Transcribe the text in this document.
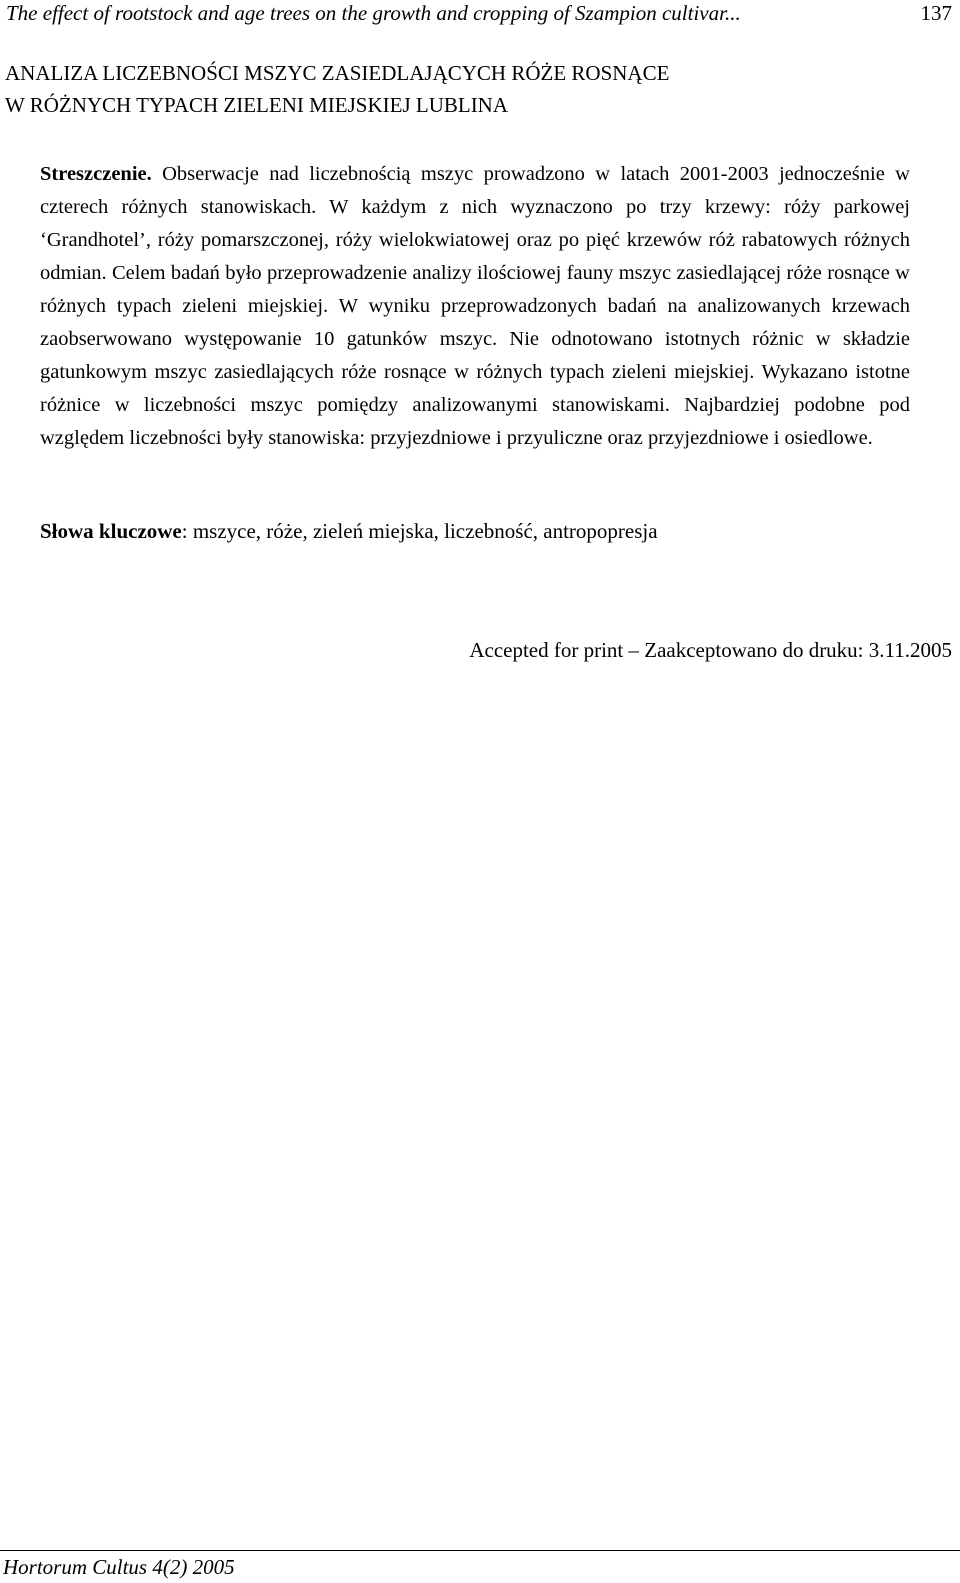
The effect of rootstock and age trees on the growth and cropping of Szampion cultivar...	137
ANALIZA LICZEBNOŚCI MSZYC ZASIEDLAJĄCYCH RÓŻE ROSNĄCE
W RÓŻNYCH TYPACH ZIELENI MIEJSKIEJ LUBLINA

Streszczenie. Obserwacje nad liczebnością mszyc prowadzono w latach 2001-2003 jednocześnie w czterech różnych stanowiskach. W każdym z nich wyznaczono po trzy krzewy: róży parkowej ‘Grandhotel’, róży pomarszczonej, róży wielokwiatowej oraz po pięć krzewów róż rabatowych różnych odmian. Celem badań było przeprowadzenie analizy ilościowej fauny mszyc zasiedlającej róże rosnące w różnych typach zieleni miejskiej. W wyniku przeprowadzonych badań na analizowanych krzewach zaobserwowano występowanie 10 gatunków mszyc. Nie odnotowano istotnych różnic w składzie gatunkowym mszyc zasiedlających róże rosnące w różnych typach zieleni miejskiej. Wykazano istotne różnice w liczebności mszyc pomiędzy analizowanymi stanowiskami. Najbardziej podobne pod względem liczebności były stanowiska: przyjezdniowe i przyuliczne oraz przyjezdniowe i osiedlowe.

Słowa kluczowe: mszyce, róże, zieleń miejska, liczebność, antropopresja

Accepted for print – Zaakceptowano do druku: 3.11.2005
Hortorum Cultus 4(2) 2005
